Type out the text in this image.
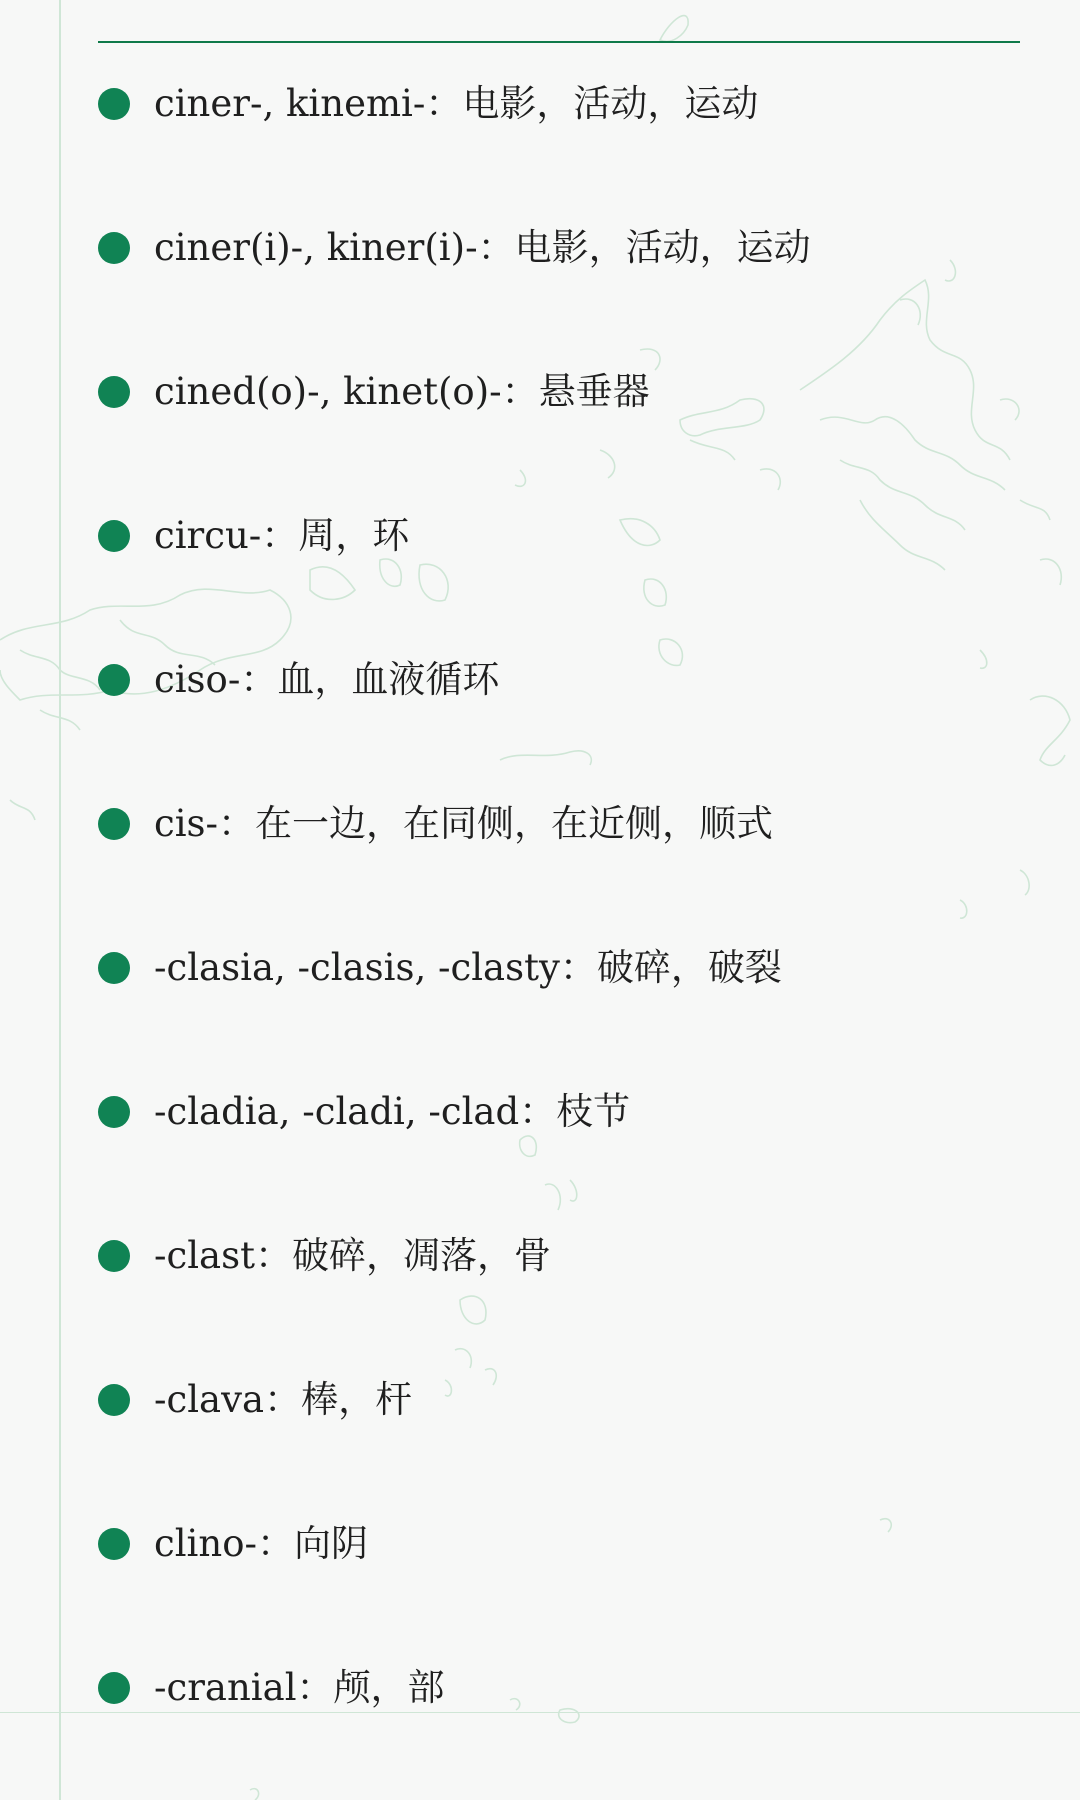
ciner-, kinemi-：电影，活动，运动
ciner(i)-, kiner(i)-：电影，活动，运动
cined(o)-, kinet(o)-：悬垂器
circu-：周，环
ciso-：血，血液循环
cis-：在一边，在同侧，在近侧，顺式
-clasia, -clasis, -clasty：破碎，破裂
-cladia, -cladi, -clad：枝节
-clast：破碎，凋落，骨
-clava：棒，杆
clino-：向阴
-cranial：颅，部
